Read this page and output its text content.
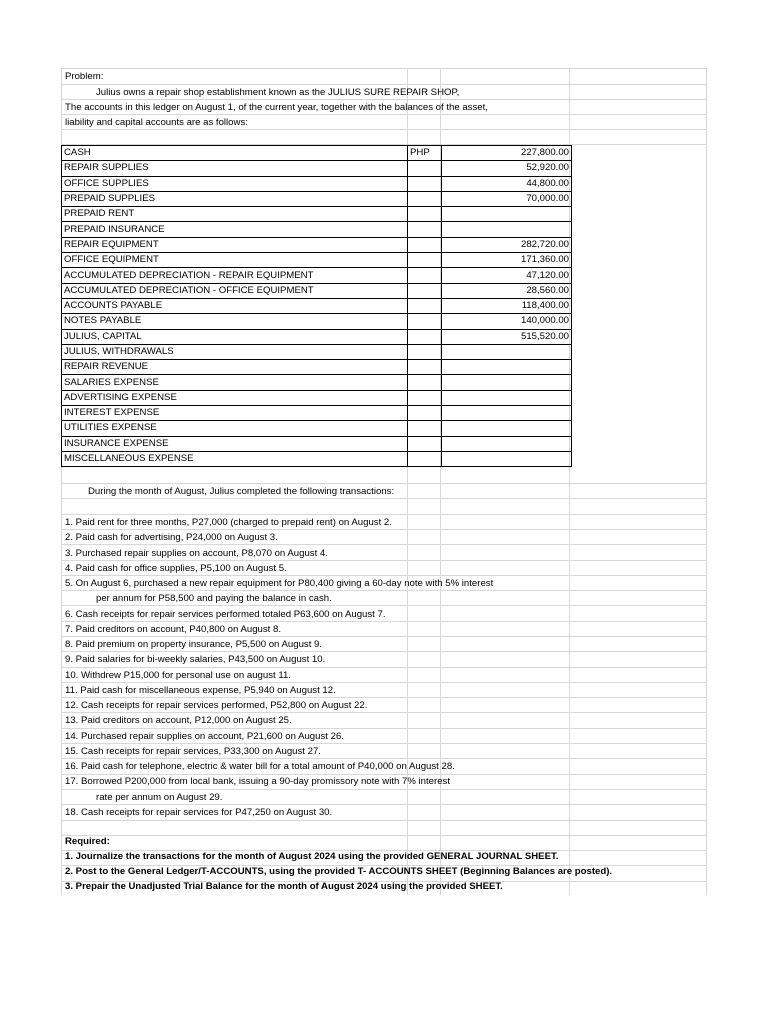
Problem:
Julius owns a repair shop establishment known as the JULIUS SURE REPAIR SHOP,
The accounts in this ledger on August 1, of the current year, together with the balances of the asset,
liability and capital accounts are as follows:
CASH	PHP	227,800.00
REPAIR SUPPLIES		52,920.00
OFFICE SUPPLIES		44,800.00
PREPAID SUPPLIES		70,000.00
PREPAID RENT		
PREPAID INSURANCE		
REPAIR EQUIPMENT		282,720.00
OFFICE EQUIPMENT		171,360.00
ACCUMULATED DEPRECIATION - REPAIR EQUIPMENT		47,120.00
ACCUMULATED DEPRECIATION - OFFICE EQUIPMENT		28,560.00
ACCOUNTS PAYABLE		118,400.00
NOTES PAYABLE		140,000.00
JULIUS, CAPITAL		515,520.00
JULIUS, WITHDRAWALS		
REPAIR REVENUE		
SALARIES EXPENSE		
ADVERTISING EXPENSE		
INTEREST EXPENSE		
UTILITIES EXPENSE		
INSURANCE EXPENSE		
MISCELLANEOUS EXPENSE		
During the month of August, Julius completed the following transactions:
1. Paid rent for three months, P27,000 (charged to prepaid rent) on August 2.
2. Paid cash for advertising, P24,000 on August 3.
3. Purchased repair supplies on account, P8,070 on August 4.
4. Paid cash for office supplies, P5,100 on August 5.
5. On August 6, purchased a new repair equipment for P80,400 giving a 60-day note with 5% interest
per annum for P58,500 and paying the balance in cash.
6. Cash receipts for repair services performed totaled P63,600 on August 7.
7. Paid creditors on account, P40,800 on August 8.
8. Paid premium on property insurance, P5,500 on August 9.
9. Paid salaries for bi-weekly salaries, P43,500 on August 10.
10. Withdrew P15,000 for personal use on august 11.
11. Paid cash for miscellaneous expense, P5,940 on August 12.
12. Cash receipts for repair services performed, P52,800 on August 22.
13. Paid creditors on account, P12,000 on August 25.
14. Purchased repair supplies on account, P21,600 on August 26.
15. Cash receipts for repair services, P33,300 on August 27.
16. Paid cash for telephone, electric & water bill for a total amount of P40,000 on August 28.
17. Borrowed P200,000 from local bank, issuing a 90-day promissory note with 7% interest
rate per annum on August 29.
18. Cash receipts for repair services for P47,250 on August 30.
Required:
1. Journalize the transactions for the month of August 2024 using the provided GENERAL JOURNAL SHEET.
2. Post to the General Ledger/T-ACCOUNTS, using the provided T- ACCOUNTS SHEET (Beginning Balances are posted).
3. Prepair the Unadjusted Trial Balance for the month of August 2024 using the provided SHEET.
